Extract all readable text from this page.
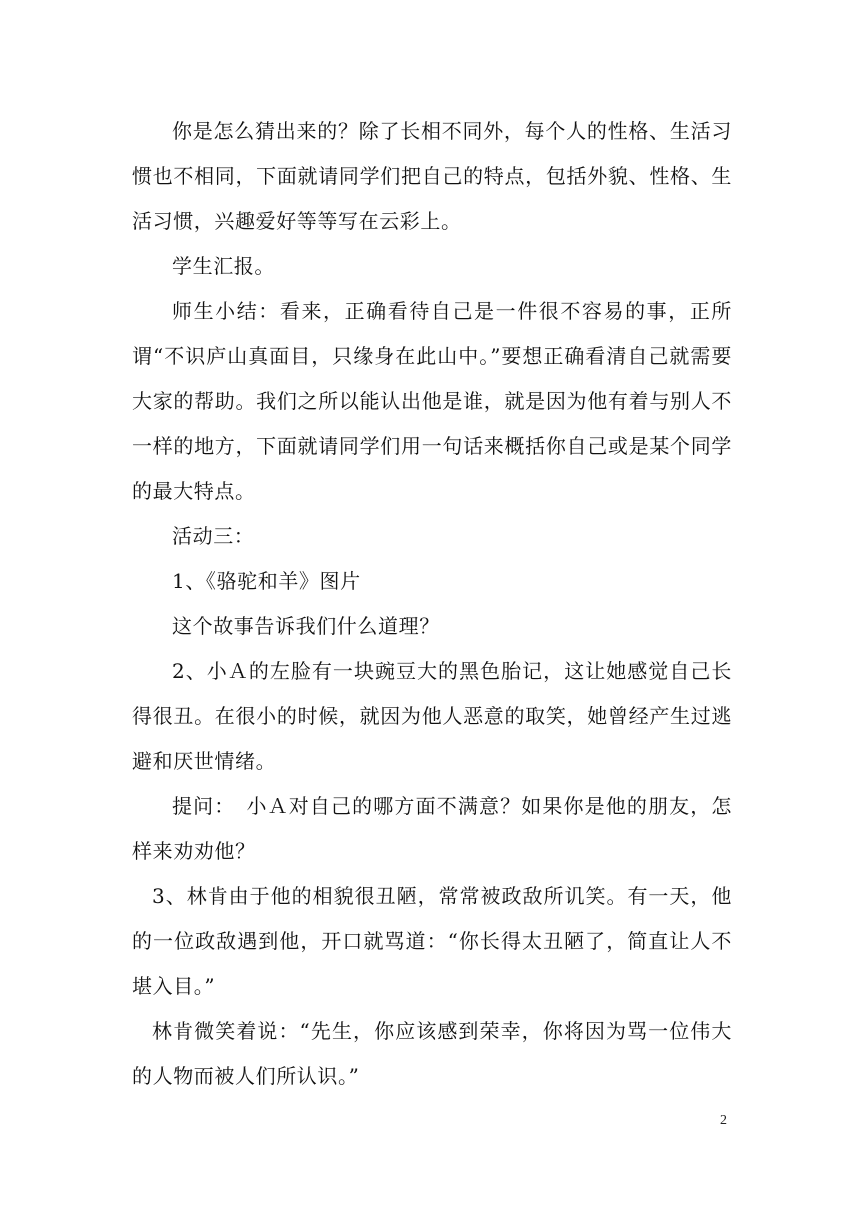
你是怎么猜出来的？除了长相不同外，每个人的性格、生活习惯也不相同，下面就请同学们把自己的特点，包括外貌、性格、生活习惯，兴趣爱好等等写在云彩上。

学生汇报。

师生小结：看来，正确看待自己是一件很不容易的事，正所谓“不识庐山真面目，只缘身在此山中。”要想正确看清自己就需要大家的帮助。我们之所以能认出他是谁，就是因为他有着与别人不一样的地方，下面就请同学们用一句话来概括你自己或是某个同学的最大特点。

活动三：

1、《骆驼和羊》图片

这个故事告诉我们什么道理？

2、小Ａ的左脸有一块豌豆大的黑色胎记，这让她感觉自己长得很丑。在很小的时候，就因为他人恶意的取笑，她曾经产生过逃避和厌世情绪。

提问：　小Ａ对自己的哪方面不满意？如果你是他的朋友，怎样来劝劝他？

3、林肯由于他的相貌很丑陋，常常被政敌所讥笑。有一天，他的一位政敌遇到他，开口就骂道：“你长得太丑陋了，简直让人不堪入目。”

林肯微笑着说：“先生，你应该感到荣幸，你将因为骂一位伟大的人物而被人们所认识。”

2
